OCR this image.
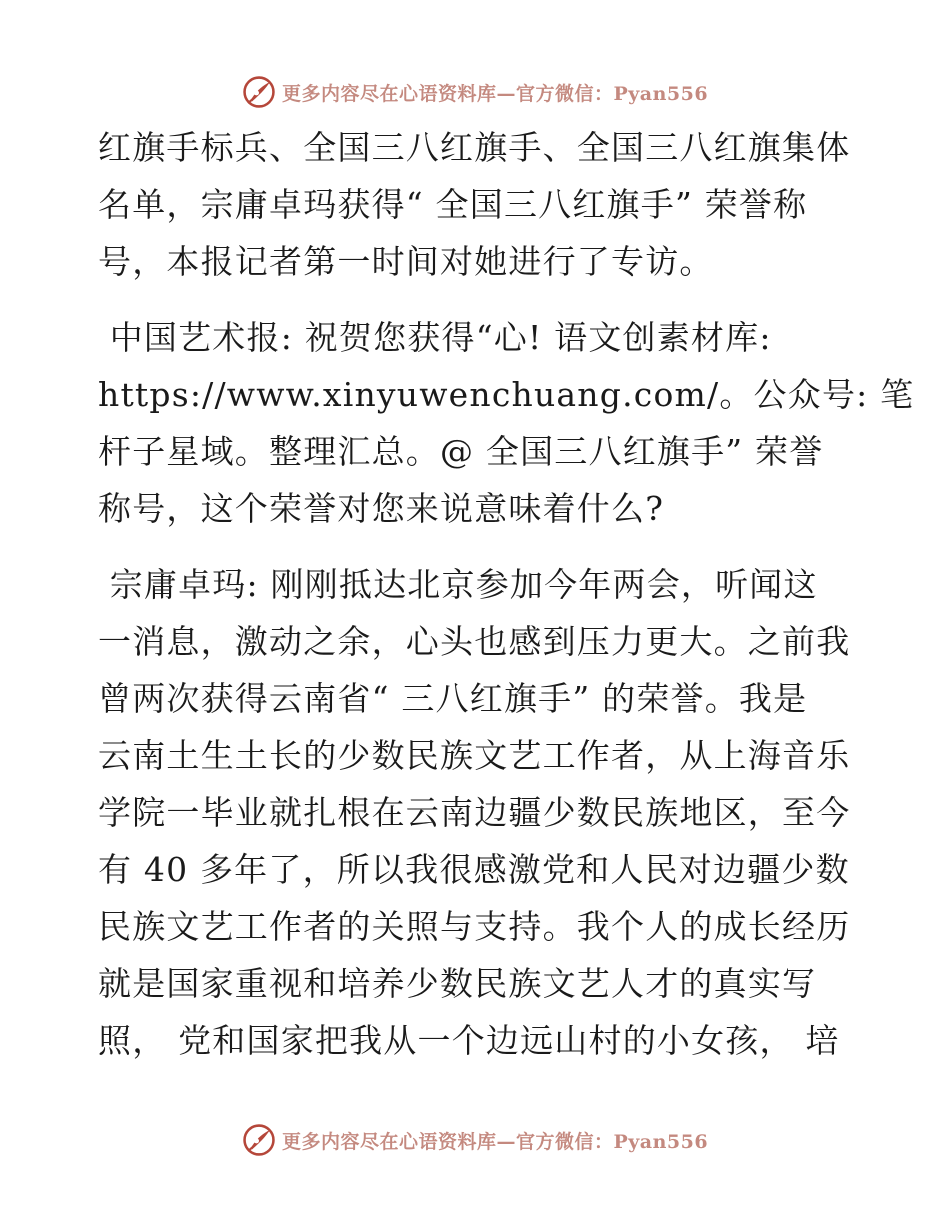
更多内容尽在心语资料库—官方微信：Pyan556
红旗手标兵、全国三八红旗手、全国三八红旗集体
名单，宗庸卓玛获得“ 全国三八红旗手” 荣誉称
号，本报记者第一时间对她进行了专访。
中国艺术报: 祝贺您获得“心! 语文创素材库:
https://www.xinyuwenchuang.com/。公众号: 笔
杆子星域。整理汇总。@ 全国三八红旗手” 荣誉
称号，这个荣誉对您来说意味着什么?
宗庸卓玛: 刚刚抵达北京参加今年两会，听闻这
一消息，激动之余，心头也感到压力更大。之前我
曾两次获得云南省“ 三八红旗手” 的荣誉。我是
云南土生土长的少数民族文艺工作者，从上海音乐
学院一毕业就扎根在云南边疆少数民族地区，至今
有 40 多年了，所以我很感激党和人民对边疆少数
民族文艺工作者的关照与支持。我个人的成长经历
就是国家重视和培养少数民族文艺人才的真实写
照， 党和国家把我从一个边远山村的小女孩， 培
更多内容尽在心语资料库—官方微信：Pyan556
